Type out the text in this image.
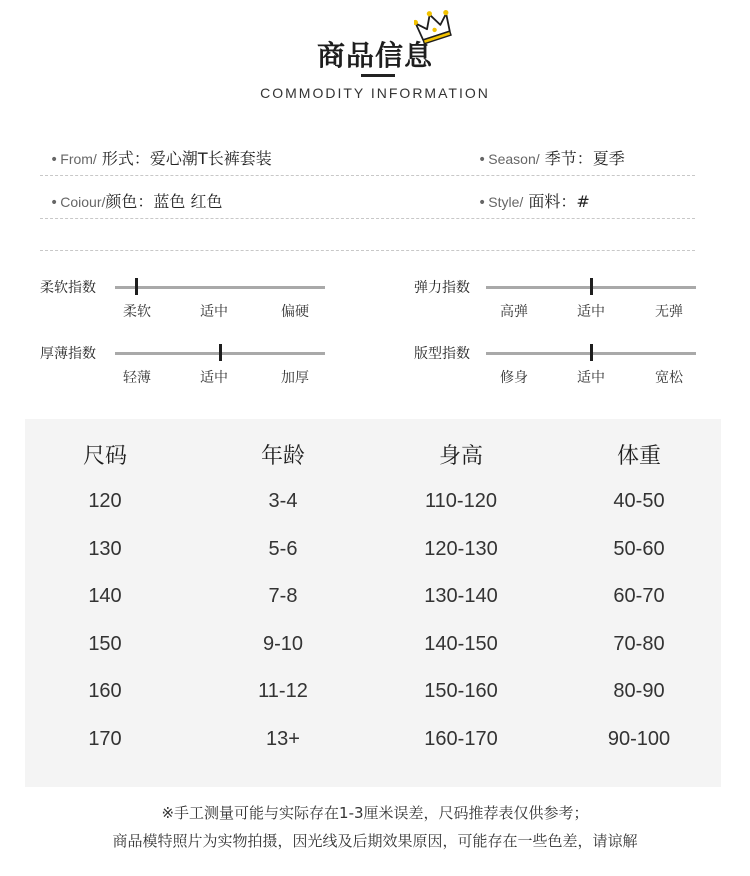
商品信息
COMMODITY INFORMATION
• From/ 形式：爱心潮T长裤套装	• Season/ 季节：夏季
• Coiour/颜色：蓝色 红色	• Style/ 面料：#
柔软指数
柔软	适中	偏硬
弹力指数
高弹	适中	无弹
厚薄指数
轻薄	适中	加厚
版型指数
修身	适中	宽松
尺码	年龄	身高	体重
120	3-4	110-120	40-50
130	5-6	120-130	50-60
140	7-8	130-140	60-70
150	9-10	140-150	70-80
160	11-12	150-160	80-90
170	13+	160-170	90-100
※手工测量可能与实际存在1-3厘米误差，尺码推荐表仅供参考；
商品模特照片为实物拍摄，因光线及后期效果原因，可能存在一些色差，请谅解
